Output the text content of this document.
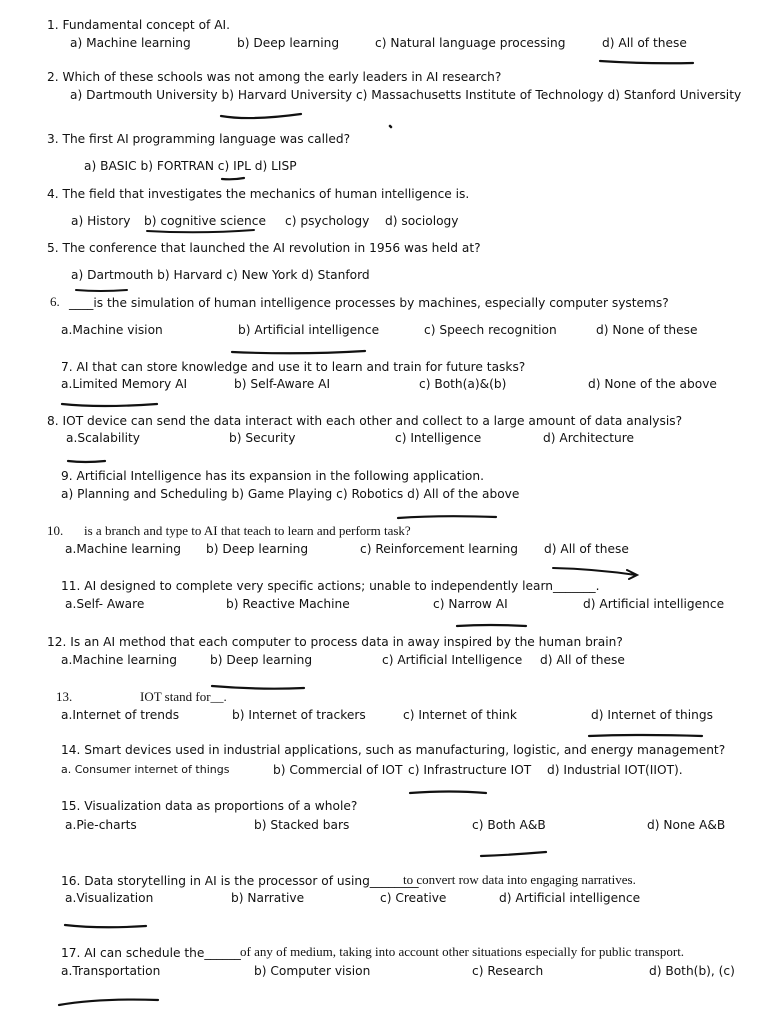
1. Fundamental concept of AI.
a) Machine learning	b) Deep learning	c) Natural language processing	d) All of these
2. Which of these schools was not among the early leaders in AI research?
a) Dartmouth University b) Harvard University c) Massachusetts Institute of Technology d) Stanford University
3. The first AI programming language was called?
a) BASIC b) FORTRAN c) IPL d) LISP
4. The field that investigates the mechanics of human intelligence is.
a) History b) cognitive science c) psychology d) sociology
5. The conference that launched the AI revolution in 1956 was held at?
a) Dartmouth b) Harvard c) New York d) Stanford
6. ____is the simulation of human intelligence processes by machines, especially computer systems?
a.Machine vision	b) Artificial intelligence	c) Speech recognition	d) None of these
7. AI that can store knowledge and use it to learn and train for future tasks?
a.Limited Memory AI	b) Self-Aware AI	c) Both(a)&(b)	d) None of the above
8. IOT device can send the data interact with each other and collect to a large amount of data analysis?
a.Scalability	b) Security	c) Intelligence	d) Architecture
9. Artificial Intelligence has its expansion in the following application.
a) Planning and Scheduling b) Game Playing c) Robotics d) All of the above
10. is a branch and type to AI that teach to learn and perform task?
a.Machine learning b) Deep learning	c) Reinforcement learning d) All of these
11. AI designed to complete very specific actions; unable to independently learn_______.
a.Self- Aware	b) Reactive Machine	c) Narrow AI	d) Artificial intelligence
12. Is an AI method that each computer to process data in away inspired by the human brain?
a.Machine learning	b) Deep learning	c) Artificial Intelligence d) All of these
13.	IOT stand for__.
a.Internet of trends	b) Internet of trackers	c) Internet of think	d) Internet of things
14. Smart devices used in industrial applications, such as manufacturing, logistic, and energy management?
a. Consumer internet of things	b) Commercial of IOT c) Infrastructure IOT d) Industrial IOT(IIOT).
15. Visualization data as proportions of a whole?
a.Pie-charts	b) Stacked bars	c) Both A&B	d) None A&B
16. Data storytelling in AI is the processor of using________
to convert row data into engaging narratives.
a.Visualization	b) Narrative	c) Creative	d) Artificial intelligence
17. AI can schedule the______ of any of medium, taking into account other situations especially for public transport.
a.Transportation	b) Computer vision	c) Research	d) Both(b), (c)
